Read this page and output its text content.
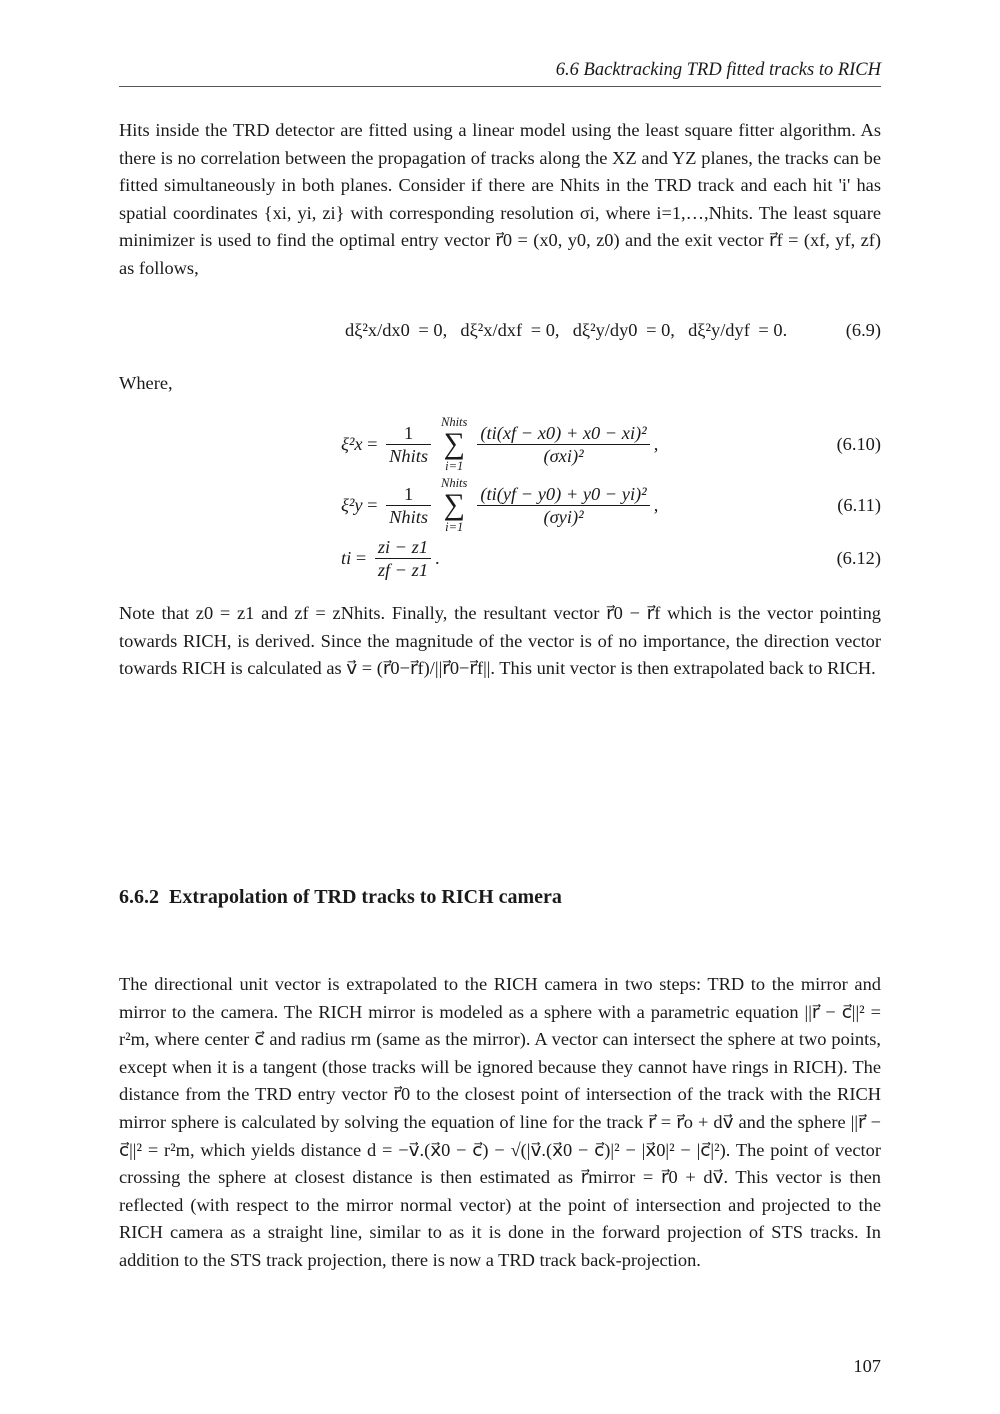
6.6 Backtracking TRD fitted tracks to RICH

Hits inside the TRD detector are fitted using a linear model using the least square fitter algorithm. As there is no correlation between the propagation of tracks along the XZ and YZ planes, the tracks can be fitted simultaneously in both planes. Consider if there are Nhits in the TRD track and each hit 'i' has spatial coordinates {xi, yi, zi} with corresponding resolution σi, where i=1,…,Nhits. The least square minimizer is used to find the optimal entry vector r⃗0 = (x0, y0, z0) and the exit vector r⃗f = (xf, yf, zf) as follows,

dξ²x/dx0 = 0 , dξ²x/dxf = 0 , dξ²y/dy0 = 0 , dξ²y/dyf = 0 .	(6.9)

Where,

$\xi^2x = \frac{1}{\text{Nhits}}$ Nhits
∑
$i=1 \frac{\text{(ti(xf − x0) + x0 − xi)²}}{\text{(σxi)²}}$ ,	(6.10)
$\xi^2y = \frac{1}{\text{Nhits}}$ Nhits
∑
$i=1 \frac{\text{(ti(yf − y0) + y0 − yi)²}}{\text{(σyi)²}}$ ,	(6.11)
ti = $\frac{zi - z1}{zf - z1}$ .	(6.12)

Note that z0 = z1 and zf = zNhits. Finally, the resultant vector r⃗0 − r⃗f which is the vector pointing towards RICH, is derived. Since the magnitude of the vector is of no importance, the direction vector towards RICH is calculated as v⃗ = (r⃗0−r⃗f)/||r⃗0−r⃗f||. This unit vector is then extrapolated back to RICH.

6.6.2 Extrapolation of TRD tracks to RICH camera

The directional unit vector is extrapolated to the RICH camera in two steps: TRD to the mirror and mirror to the camera. The RICH mirror is modeled as a sphere with a parametric equation ||r⃗ − c⃗||² = r²m, where center c⃗ and radius rm (same as the mirror). A vector can intersect the sphere at two points, except when it is a tangent (those tracks will be ignored because they cannot have rings in RICH). The distance from the TRD entry vector r⃗0 to the closest point of intersection of the track with the RICH mirror sphere is calculated by solving the equation of line for the track r⃗ = r⃗o + dv⃗ and the sphere ||r⃗ − c⃗||² = r²m, which yields distance d = −v⃗.(x⃗0 − c⃗) − √(|v⃗.(x⃗0 − c⃗)|² − |x⃗0|² − |c⃗|²). The point of vector crossing the sphere at closest distance is then estimated as r⃗mirror = r⃗0 + dv⃗. This vector is then reflected (with respect to the mirror normal vector) at the point of intersection and projected to the RICH camera as a straight line, similar to as it is done in the forward projection of STS tracks. In addition to the STS track projection, there is now a TRD track back-projection.

107
